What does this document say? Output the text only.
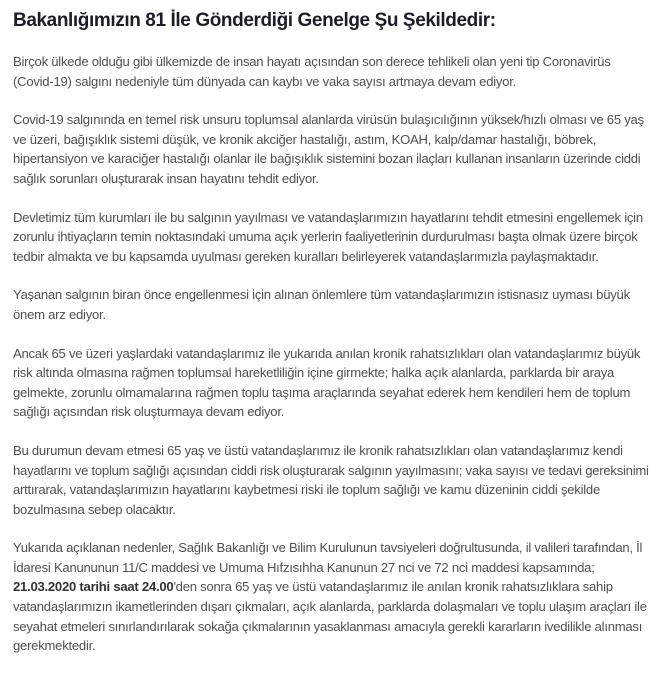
Bakanlığımızın 81 İle Gönderdiği Genelge Şu Şekildedir:

Birçok ülkede olduğu gibi ülkemizde de insan hayatı açısından son derece tehlikeli olan yeni tip Coronavirüs (Covid-19) salgını nedeniyle tüm dünyada can kaybı ve vaka sayısı artmaya devam ediyor.

Covid-19 salgınında en temel risk unsuru toplumsal alanlarda virüsün bulaşıcılığının yüksek/hızlı olması ve 65 yaş ve üzeri, bağışıklık sistemi düşük, ve kronik akciğer hastalığı, astım, KOAH, kalp/damar hastalığı, böbrek, hipertansiyon ve karaciğer hastalığı olanlar ile bağışıklık sistemini bozan ilaçları kullanan insanların üzerinde ciddi sağlık sorunları oluşturarak insan hayatını tehdit ediyor.

Devletimiz tüm kurumları ile bu salgının yayılması ve vatandaşlarımızın hayatlarını tehdit etmesini engellemek için zorunlu ihtiyaçların temin noktasındaki umuma açık yerlerin faaliyetlerinin durdurulması başta olmak üzere birçok tedbir almakta ve bu kapsamda uyulması gereken kuralları belirleyerek vatandaşlarımızla paylaşmaktadır.

Yaşanan salgının biran önce engellenmesi için alınan önlemlere tüm vatandaşlarımızın istisnasız uyması büyük önem arz ediyor.

Ancak 65 ve üzeri yaşlardaki vatandaşlarımız ile yukarıda anılan kronik rahatsızlıkları olan vatandaşlarımız büyük risk altında olmasına rağmen toplumsal hareketliliğin içine girmekte; halka açık alanlarda, parklarda bir araya gelmekte, zorunlu olmamalarına rağmen toplu taşıma araçlarında seyahat ederek hem kendileri hem de toplum sağlığı açısından risk oluşturmaya devam ediyor.

Bu durumun devam etmesi 65 yaş ve üstü vatandaşlarımız ile kronik rahatsızlıkları olan vatandaşlarımız kendi hayatlarını ve toplum sağlığı açısından ciddi risk oluşturarak salgının yayılmasını; vaka sayısı ve tedavi gereksinimi arttırarak, vatandaşlarımızın hayatlarını kaybetmesi riski ile toplum sağlığı ve kamu düzeninin ciddi şekilde bozulmasına sebep olacaktır.

Yukarıda açıklanan nedenler, Sağlık Bakanlığı ve Bilim Kurulunun tavsiyeleri doğrultusunda, il valileri tarafından, İl İdaresi Kanununun 11/C maddesi ve Umuma Hıfzısıhha Kanunun 27 nci ve 72 nci maddesi kapsamında;
21.03.2020 tarihi saat 24.00'den sonra 65 yaş ve üstü vatandaşlarımız ile anılan kronik rahatsızlıklara sahip vatandaşlarımızın ikametlerinden dışarı çıkmaları, açık alanlarda, parklarda dolaşmaları ve toplu ulaşım araçları ile seyahat etmeleri sınırlandırılarak sokağa çıkmalarının yasaklanması amacıyla gerekli kararların ivedilikle alınması gerekmektedir.
